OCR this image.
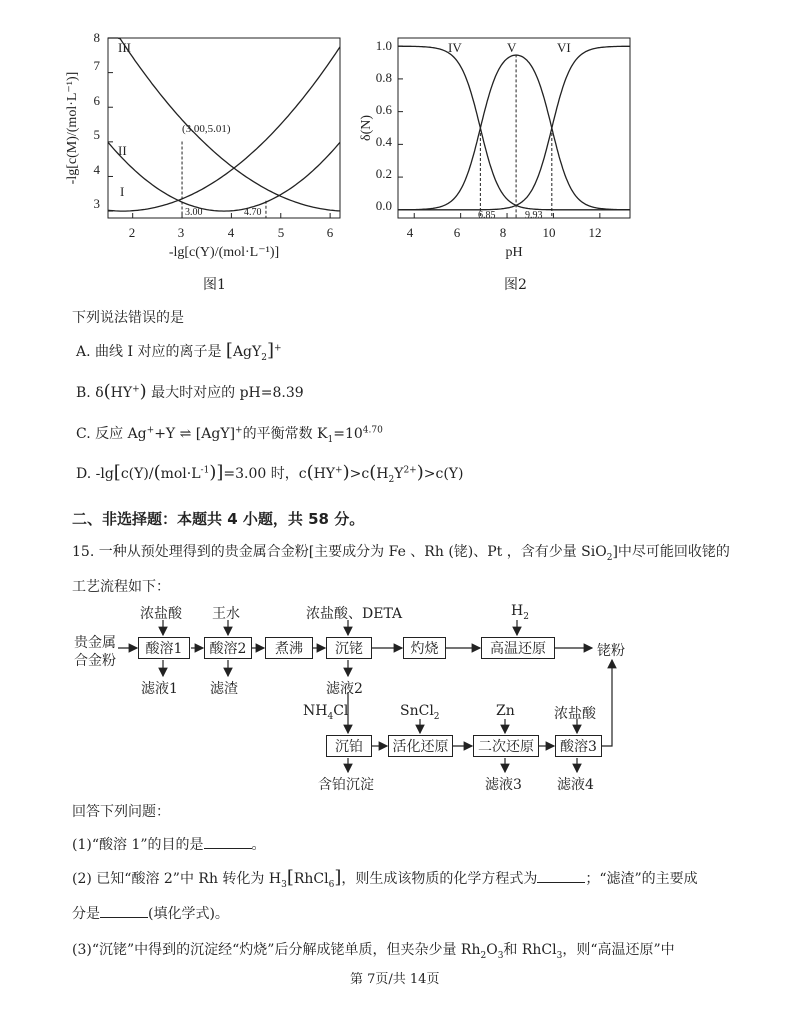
2	3	4	5	6
3
4
5
6
7
8
III
II
I
(3.00,5.01)
3.00	4.70
-lg[c(Y)/(mol·L⁻¹)]
-lg[c(M)/(mol·L⁻¹)]
图1
4	6	8	10	12
0.0
0.2
0.4
0.6
0.8
1.0	IV	V	VI
6.85	9.93
pH
δ(N)
图2
下列说法错误的是
A. 曲线 I 对应的离子是 [AgY$_2$]+
B. δ(HY+) 最大时对应的 pH=8.39
C. 反应 Ag++Y ⇌ [AgY]+的平衡常数 $K_1=10^{4.70}$
D. $-\lg[c(Y)/(mol\cdot L^{-1})]=3.00$ 时，$c(HY^+)>c(H_2Y^{2+})>c(Y)$
二、非选择题：本题共 4 小题，共 58 分。
15. 一种从预处理得到的贵金属合金粉[主要成分为 Fe 、Rh (铑)、Pt ，含有少量 SiO$_2$]中尽可能回收铑的
工艺流程如下：
贵金属
合金粉
酸溶1	酸溶2	煮沸	沉铑	灼烧	高温还原	铑粉
浓盐酸 王水	浓盐酸、DETA	$H_2$
滤液1 滤渣	滤液2
$NH_4Cl$	SnCl$_2$	Zn	浓盐酸
沉铂	活化还原	二次还原	酸溶3
含铂沉淀	滤液3	滤液4
回答下列问题：
(1)“酸溶 1”的目的是	。
(2) 已知“酸溶 2”中 Rh 转化为 $H_3[RhCl_6]$，则生成该物质的化学方程式为	；“滤渣”的主要成
分是	(填化学式)。
(3)“沉铑”中得到的沉淀经“灼烧”后分解成铑单质，但夹杂少量 $Rh_2O_3$和 RhCl$_3$，则“高温还原”中
第 7页/共 14页
